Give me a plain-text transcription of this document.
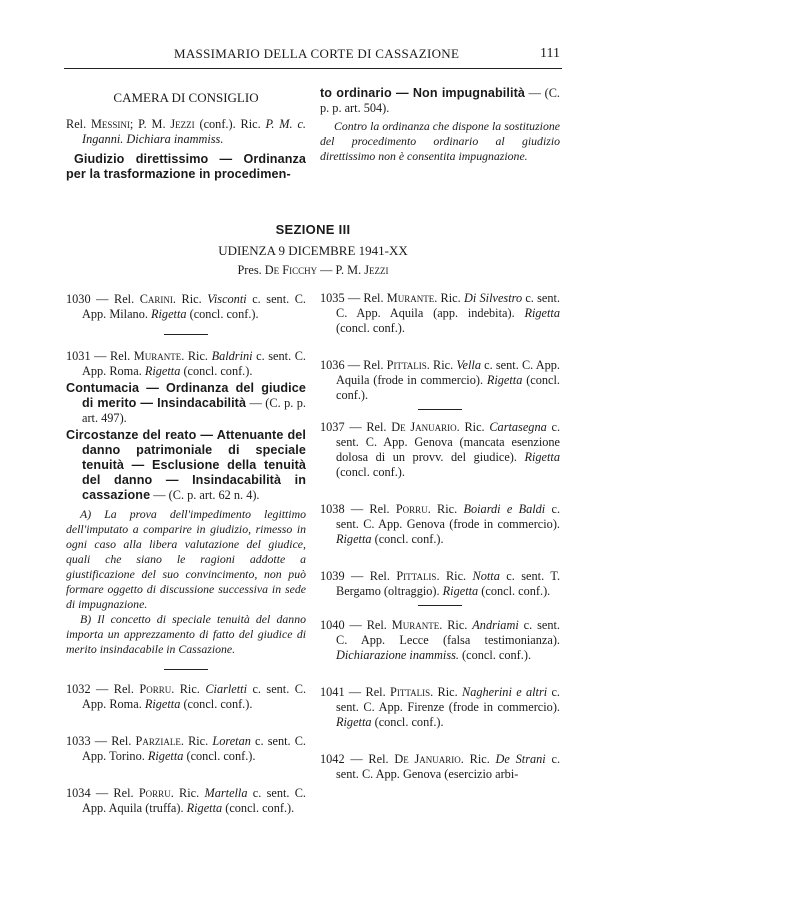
MASSIMARIO DELLA CORTE DI CASSAZIONE	111

CAMERA DI CONSIGLIO

Rel. Messini; P. M. Jezzi (conf.). Ric. P. M. c. Inganni. Dichiara inammiss.

Giudizio direttissimo — Ordinanza per la trasformazione in procedimen-

to ordinario — Non impugnabilità — (C. p. p. art. 504).

Contro la ordinanza che dispone la sostituzione del procedimento ordinario al giudizio direttissimo non è consentita impugnazione.

SEZIONE III
UDIENZA 9 DICEMBRE 1941-XX
Pres. De Ficchy — P. M. Jezzi

1030 — Rel. Carini. Ric. Visconti c. sent. C. App. Milano. Rigetta (concl. conf.).

1031 — Rel. Murante. Ric. Baldrini c. sent. C. App. Roma. Rigetta (concl. conf.).

Contumacia — Ordinanza del giudice di merito — Insindacabilità — (C. p. p. art. 497).

Circostanze del reato — Attenuante del danno patrimoniale di speciale tenuità — Esclusione della tenuità del danno — Insindacabilità in cassazione — (C. p. art. 62 n. 4).

A) La prova dell'impedimento legittimo dell'imputato a comparire in giudizio, rimesso in ogni caso alla libera valutazione del giudice, quali che siano le ragioni addotte a giustificazione del suo convincimento, non può formare oggetto di discussione successiva in sede di impugnazione.

B) Il concetto di speciale tenuità del danno importa un apprezzamento di fatto del giudice di merito insindacabile in Cassazione.

1032 — Rel. Porru. Ric. Ciarletti c. sent. C. App. Roma. Rigetta (concl. conf.).

1033 — Rel. Parziale. Ric. Loretan c. sent. C. App. Torino. Rigetta (concl. conf.).

1034 — Rel. Porru. Ric. Martella c. sent. C. App. Aquila (truffa). Rigetta (concl. conf.).

1035 — Rel. Murante. Ric. Di Silvestro c. sent. C. App. Aquila (app. indebita). Rigetta (concl. conf.).

1036 — Rel. Pittalis. Ric. Vella c. sent. C. App. Aquila (frode in commercio). Rigetta (concl. conf.).

1037 — Rel. De Januario. Ric. Cartasegna c. sent. C. App. Genova (mancata esenzione dolosa di un provv. del giudice). Rigetta (concl. conf.).

1038 — Rel. Porru. Ric. Boiardi e Baldi c. sent. C. App. Genova (frode in commercio). Rigetta (concl. conf.).

1039 — Rel. Pittalis. Ric. Notta c. sent. T. Bergamo (oltraggio). Rigetta (concl. conf.).

1040 — Rel. Murante. Ric. Andriami c. sent. C. App. Lecce (falsa testimonianza). Dichiarazione inammiss. (concl. conf.).

1041 — Rel. Pittalis. Ric. Nagherini e altri c. sent. C. App. Firenze (frode in commercio). Rigetta (concl. conf.).

1042 — Rel. De Januario. Ric. De Strani c. sent. C. App. Genova (esercizio arbi-
